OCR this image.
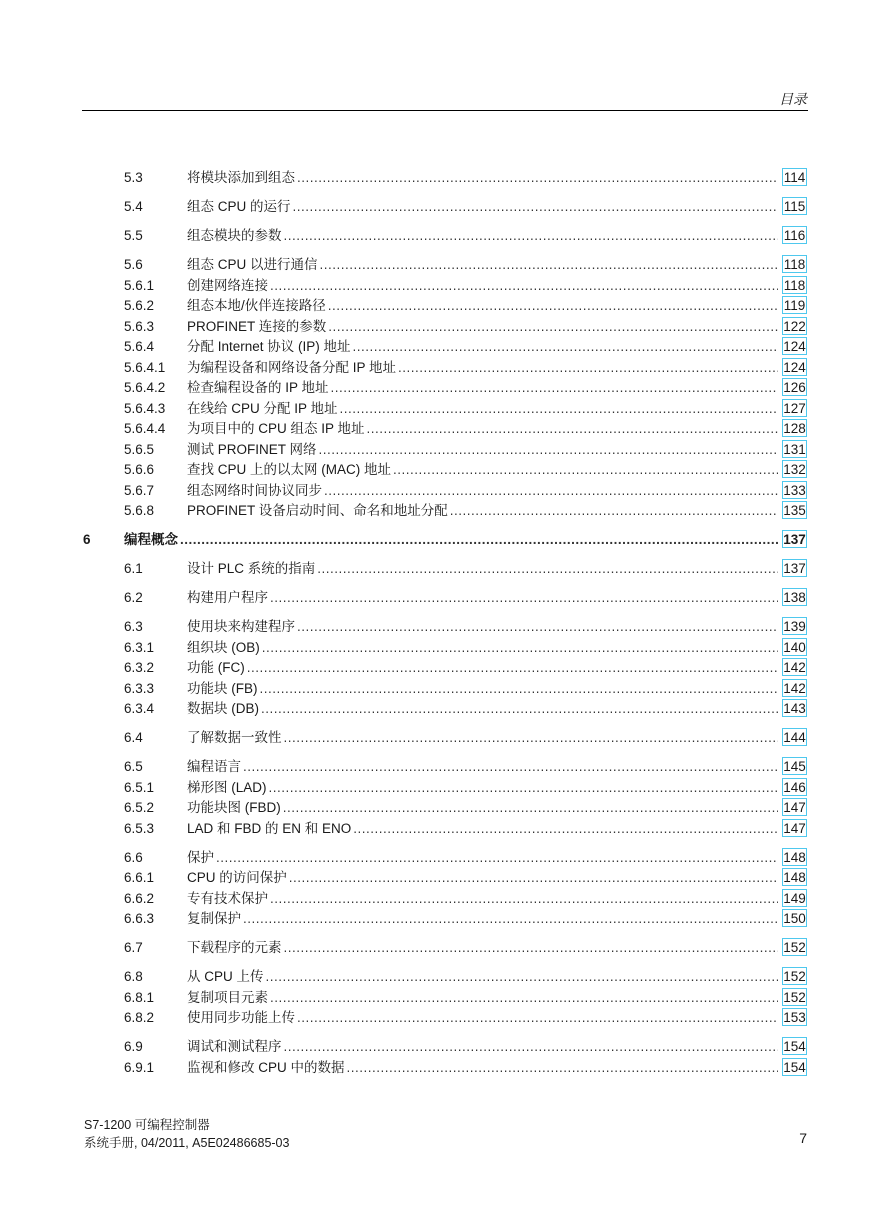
目录
5.3	将模块添加到组态 .....	114
5.4	组态 CPU 的运行 .....	115
5.5	组态模块的参数 .....	116
5.6	组态 CPU 以进行通信 .....	118
5.6.1 创建网络连接 .....	118
5.6.2 组态本地/伙伴连接路径 .....	119
5.6.3 PROFINET 连接的参数 .....	122
5.6.4 分配 Internet 协议 (IP) 地址 .....	124
5.6.4.1 为编程设备和网络设备分配 IP 地址 .....	124
5.6.4.2 检查编程设备的 IP 地址 .....	126
5.6.4.3 在线给 CPU 分配 IP 地址 .....	127
5.6.4.4 为项目中的 CPU 组态 IP 地址 .....	128
5.6.5 测试 PROFINET 网络 .....	131
5.6.6 查找 CPU 上的以太网 (MAC) 地址 .....	132
5.6.7 组态网络时间协议同步 .....	133
5.6.8 PROFINET 设备启动时间、命名和地址分配 .....	135
6 编程概念 .....	137
6.1	设计 PLC 系统的指南 .....	137
6.2	构建用户程序 .....	138
6.3	使用块来构建程序 .....	139
6.3.1 组织块 (OB) .....	140
6.3.2 功能 (FC) .....	142
6.3.3 功能块 (FB) .....	142
6.3.4 数据块 (DB) .....	143
6.4	了解数据一致性 .....	144
6.5	编程语言 .....	145
6.5.1 梯形图 (LAD) .....	146
6.5.2 功能块图 (FBD) .....	147
6.5.3 LAD 和 FBD 的 EN 和 ENO .....	147
6.6	保护 .....	148
6.6.1 CPU 的访问保护 .....	148
6.6.2 专有技术保护 .....	149
6.6.3 复制保护 .....	150
6.7	下载程序的元素 .....	152
6.8	从 CPU 上传 .....	152
6.8.1 复制项目元素 .....	152
6.8.2 使用同步功能上传 .....	153
6.9	调试和测试程序 .....	154
6.9.1 监视和修改 CPU 中的数据 .....	154
S7-1200 可编程控制器
系统手册, 04/2011, A5E02486685-03	7
